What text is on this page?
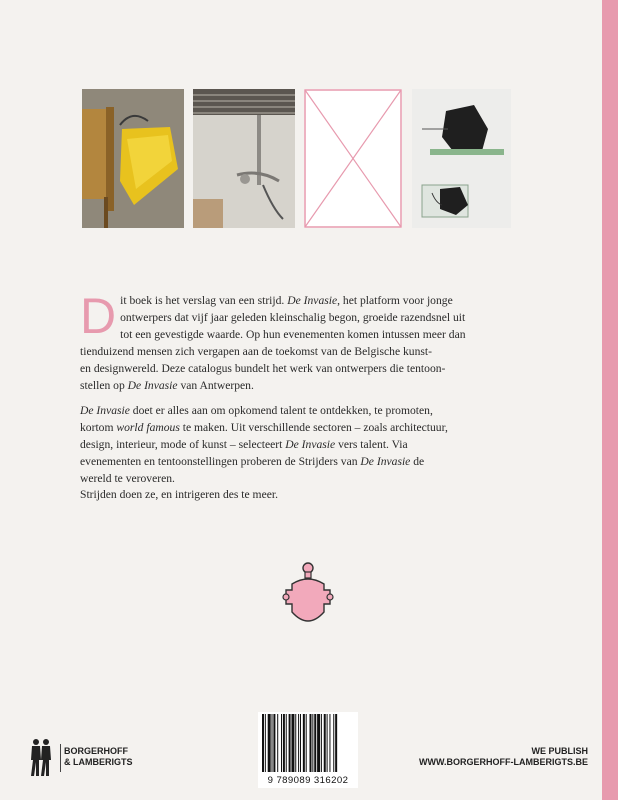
D it boek is het verslag van een strijd. De Invasie, het platform voor jonge
ontwerpers dat vijf jaar geleden kleinschalig begon, groeide razendsnel uit
tot een gevestigde waarde. Op hun evenementen komen intussen meer dan
tienduizend mensen zich vergapen aan de toekomst van de Belgische kunst-
en designwereld. Deze catalogus bundelt het werk van ontwerpers die tentoon-
stellen op De Invasie van Antwerpen.

De Invasie doet er alles aan om opkomend talent te ontdekken, te promoten,
kortom world famous te maken. Uit verschillende sectoren – zoals architectuur,
design, interieur, mode of kunst – selecteert De Invasie vers talent. Via
evenementen en tentoonstellingen proberen de Strijders van De Invasie de
wereld te veroveren.
Strijden doen ze, en intrigeren des te meer.
9 789089 316202
BORGERHOFF
& LAMBERIGTS
WE PUBLISH
WWW.BORGERHOFF-LAMBERIGTS.BE
